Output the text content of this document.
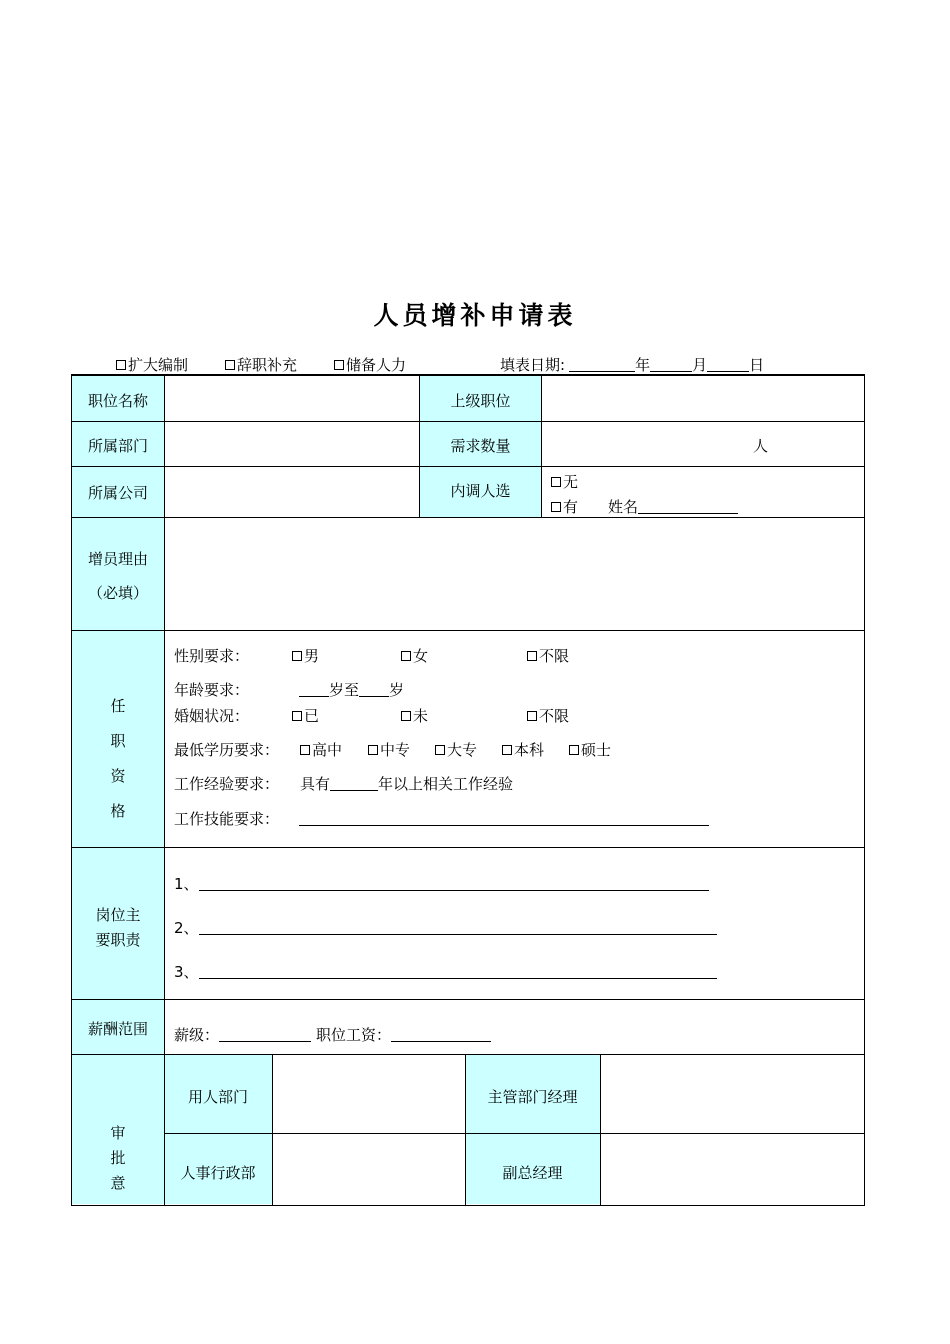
人员增补申请表
扩大编制	辞职补充	储备人力	填表日期:	年	月	日
职位名称	上级职位
所属部门	需求数量	人
所属公司	内调人选	无
有 姓名
增员理由
（必填）
任
职
资
格
性别要求：	男	女	不限
年龄要求：	岁至 岁
婚姻状况：	已	未	不限
最低学历要求：	高中	中专	大专	本科	硕士
工作经验要求： 具有	年以上相关工作经验
工作技能要求：
岗位主
要职责
1、
2、
3、
薪酬范围	薪级：	职位工资：
审
批
意
用人部门	主管部门经理
人事行政部	副总经理
